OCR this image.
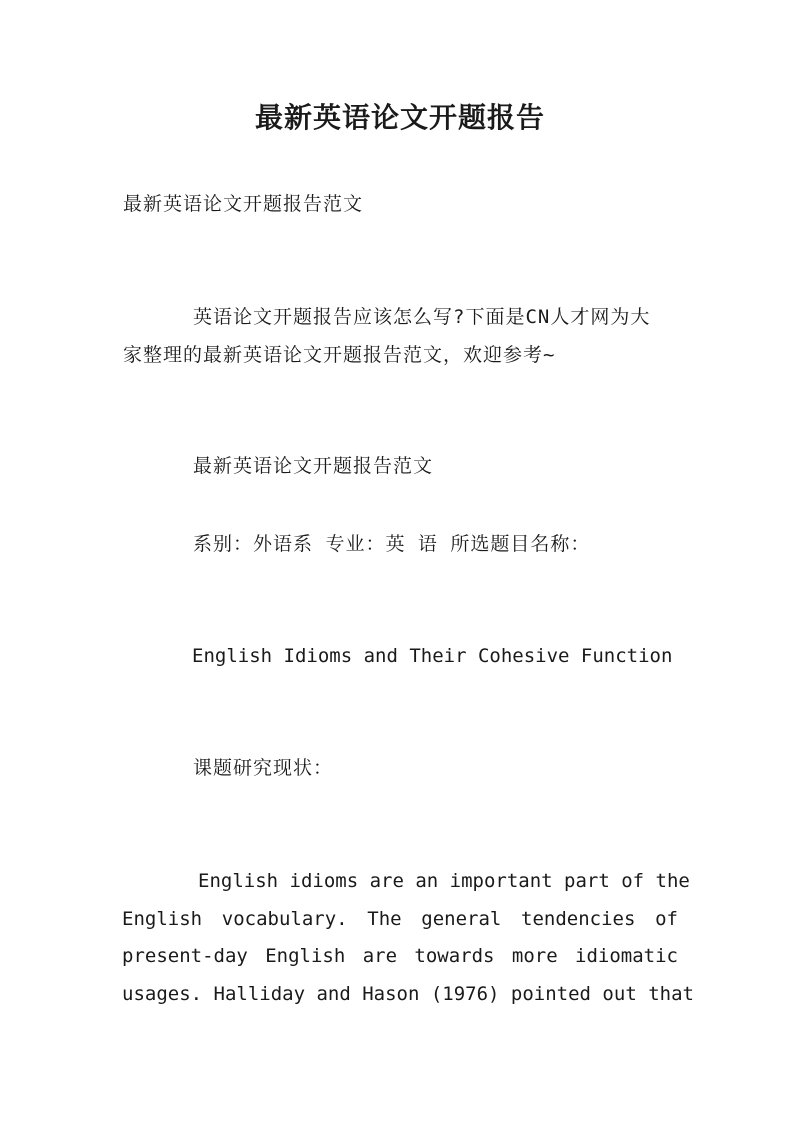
最新英语论文开题报告
最新英语论文开题报告范文
英语论文开题报告应该怎么写?下面是CN人才网为大
家整理的最新英语论文开题报告范文，欢迎参考~
最新英语论文开题报告范文
系别：外语系 专业：英 语 所选题目名称：
English Idioms and Their Cohesive Function
课题研究现状：
English idioms are an important part of the
English vocabulary. The general tendencies of
present-day English are towards more idiomatic
usages. Halliday and Hason (1976) pointed out that
